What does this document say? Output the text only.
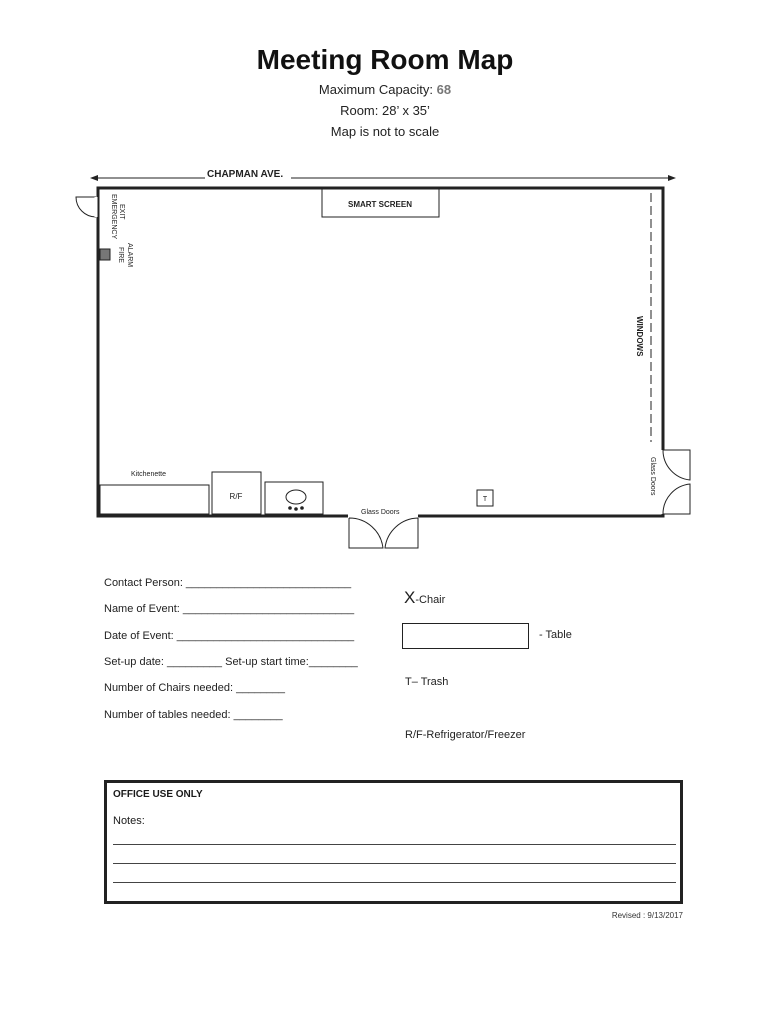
Meeting Room Map
Maximum Capacity: 68
Room: 28’ x 35’
Map is not to scale
CHAPMAN AVE.
SMART SCREEN
EMERGENCY EXIT
FIRE ALARM
WINDOWS
Glass Doors
Kitchenette
R/F	T
Glass Doors
Contact Person: ___________________________
Name of Event: ____________________________
Date of Event: _____________________________
Set-up date: _________ Set-up start time:________
Number of Chairs needed: ________
Number of tables needed: ________
X-Chair
- Table
T– Trash
R/F-Refrigerator/Freezer
OFFICE USE ONLY
Notes:
Revised : 9/13/2017
